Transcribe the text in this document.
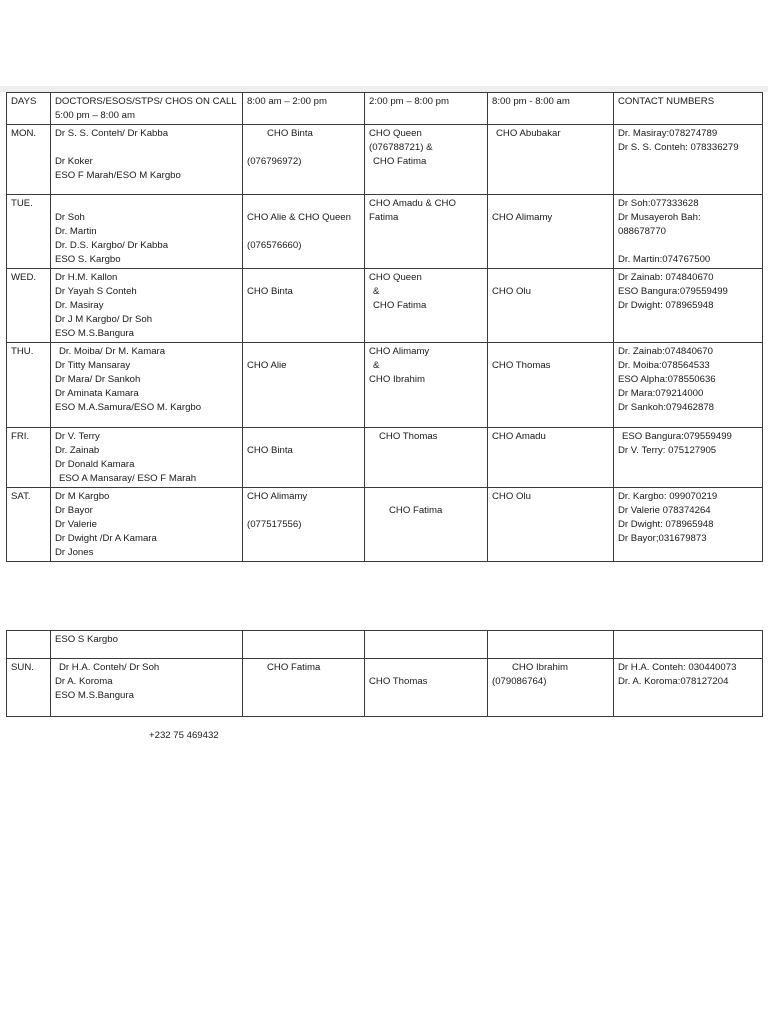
DAYS	DOCTORS/ESOS/STPS/ CHOS ON CALL
5:00 pm – 8:00 am	8:00 am – 2:00 pm	2:00 pm – 8:00 pm	8:00 pm - 8:00 am	CONTACT NUMBERS

MON.	Dr S. S. Conteh/ Dr Kabba
Dr Koker
ESO F Marah/ESO M Kargbo	CHO Binta
(076796972)	CHO Queen
(076788721) &
CHO Fatima	CHO Abubakar	Dr. Masiray:078274789
Dr S. S. Conteh: 078336279

TUE.	Dr Soh
Dr. Martin
Dr. D.S. Kargbo/ Dr Kabba
ESO S. Kargbo	CHO Alie & CHO Queen
(076576660)	CHO Amadu & CHO
Fatima	CHO Alimamy	Dr Soh:077333628
Dr Musayeroh Bah:
088678770
Dr. Martin:074767500

WED.	Dr H.M. Kallon
Dr Yayah S Conteh
Dr. Masiray
Dr J M Kargbo/ Dr Soh
ESO M.S.Bangura	CHO Binta	CHO Queen
&
CHO Fatima	CHO Olu	Dr Zainab: 074840670
ESO Bangura:079559499
Dr Dwight: 078965948

THU.	Dr. Moiba/ Dr M. Kamara
Dr Titty Mansaray
Dr Mara/ Dr Sankoh
Dr Aminata Kamara
ESO M.A.Samura/ESO M. Kargbo	CHO Alie	CHO Alimamy
&
CHO Ibrahim	CHO Thomas	Dr. Zainab:074840670
Dr. Moiba:078564533
ESO Alpha:078550636
Dr Mara:079214000
Dr Sankoh:079462878

FRI.	Dr V. Terry
Dr. Zainab
Dr Donald Kamara
ESO A Mansaray/ ESO F Marah	CHO Binta	CHO Thomas	CHO Amadu	ESO Bangura:079559499
Dr V. Terry: 075127905

SAT.	Dr M Kargbo
Dr Bayor
Dr Valerie
Dr Dwight /Dr A Kamara
Dr Jones	CHO Alimamy
(077517556)	CHO Fatima	CHO Olu	Dr. Kargbo: 099070219
Dr Valerie 078374264
Dr Dwight: 078965948
Dr Bayor;031679873

	ESO S Kargbo				

SUN.	Dr H.A. Conteh/ Dr Soh
Dr A. Koroma
ESO M.S.Bangura	CHO Fatima	CHO Thomas	CHO Ibrahim
(079086764)	Dr H.A. Conteh: 030440073
Dr. A. Koroma:078127204
+232 75 469432
